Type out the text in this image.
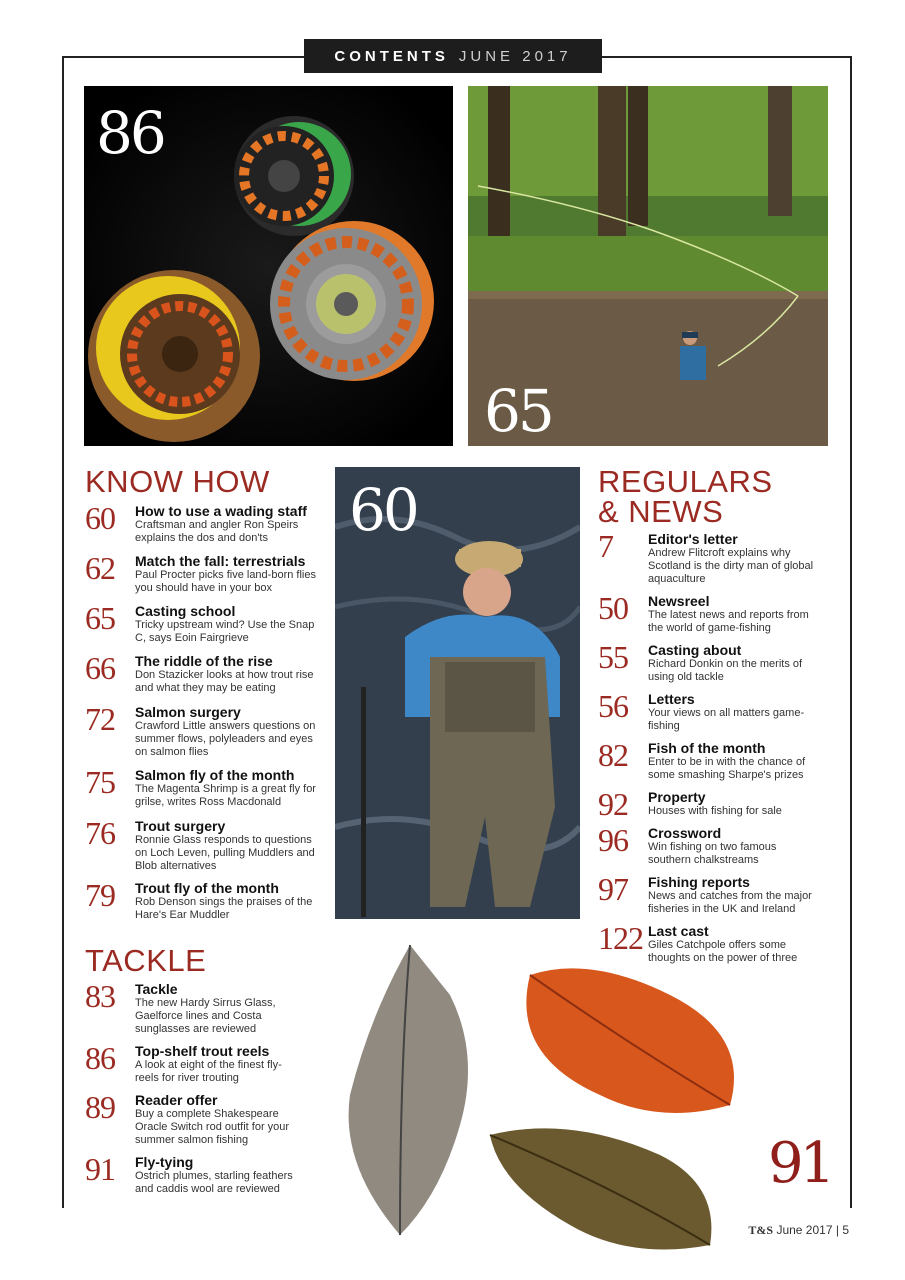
CONTENTS JUNE 2017
86
65
60
KNOW HOW
60	How to use a wading staff
Craftsman and angler Ron Speirs explains the dos and don'ts
62	Match the fall: terrestrials
Paul Procter picks five land-born flies you should have in your box
65	Casting school
Tricky upstream wind? Use the Snap C, says Eoin Fairgrieve
66	The riddle of the rise
Don Stazicker looks at how trout rise and what they may be eating
72	Salmon surgery
Crawford Little answers questions on summer flows, polyleaders and eyes on salmon flies
75	Salmon fly of the month
The Magenta Shrimp is a great fly for grilse, writes Ross Macdonald
76	Trout surgery
Ronnie Glass responds to questions on Loch Leven, pulling Muddlers and Blob alternatives
79	Trout fly of the month
Rob Denson sings the praises of the Hare's Ear Muddler
TACKLE
83	Tackle
The new Hardy Sirrus Glass, Gaelforce lines and Costa sunglasses are reviewed
86	Top-shelf trout reels
A look at eight of the finest fly-reels for river trouting
89	Reader offer
Buy a complete Shakespeare Oracle Switch rod outfit for your summer salmon fishing
91	Fly-tying
Ostrich plumes, starling feathers and caddis wool are reviewed
REGULARS
& NEWS
7	Editor's letter
Andrew Flitcroft explains why Scotland is the dirty man of global aquaculture
50	Newsreel
The latest news and reports from the world of game-fishing
55	Casting about
Richard Donkin on the merits of using old tackle
56	Letters
Your views on all matters game-fishing
82	Fish of the month
Enter to be in with the chance of some smashing Sharpe's prizes
92	Property
Houses with fishing for sale
96	Crossword
Win fishing on two famous southern chalkstreams
97	Fishing reports
News and catches from the major fisheries in the UK and Ireland
122 Last cast
Giles Catchpole offers some thoughts on the power of three
91
T&S June 2017 | 5
